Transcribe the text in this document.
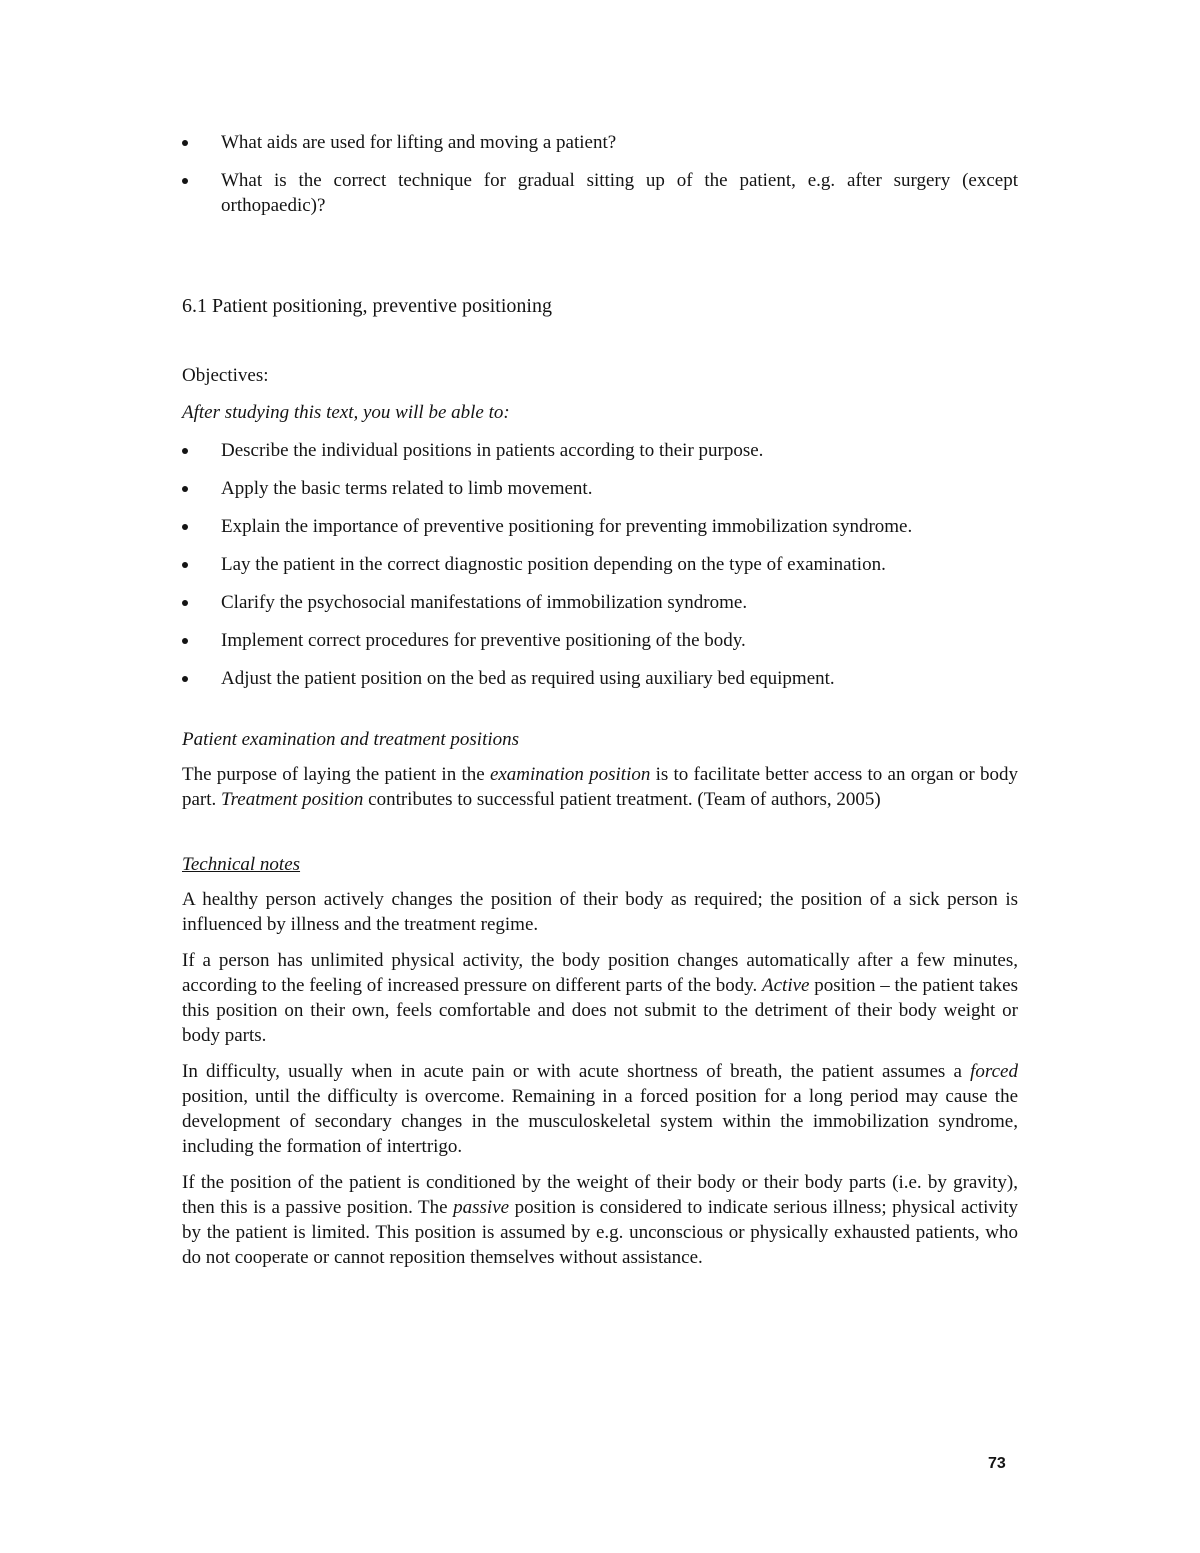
What aids are used for lifting and moving a patient?
What is the correct technique for gradual sitting up of the patient, e.g. after surgery (except orthopaedic)?
6.1 Patient positioning, preventive positioning
Objectives:
After studying this text, you will be able to:
Describe the individual positions in patients according to their purpose.
Apply the basic terms related to limb movement.
Explain the importance of preventive positioning for preventing immobilization syndrome.
Lay the patient in the correct diagnostic position depending on the type of examination.
Clarify the psychosocial manifestations of immobilization syndrome.
Implement correct procedures for preventive positioning of the body.
Adjust the patient position on the bed as required using auxiliary bed equipment.
Patient examination and treatment positions

The purpose of laying the patient in the examination position is to facilitate better access to an organ or body part. Treatment position contributes to successful patient treatment. (Team of authors, 2005)

Technical notes

A healthy person actively changes the position of their body as required; the position of a sick person is influenced by illness and the treatment regime.

If a person has unlimited physical activity, the body position changes automatically after a few minutes, according to the feeling of increased pressure on different parts of the body. Active position – the patient takes this position on their own, feels comfortable and does not submit to the detriment of their body weight or body parts.

In difficulty, usually when in acute pain or with acute shortness of breath, the patient assumes a forced position, until the difficulty is overcome. Remaining in a forced position for a long period may cause the development of secondary changes in the musculoskeletal system within the immobilization syndrome, including the formation of intertrigo.

If the position of the patient is conditioned by the weight of their body or their body parts (i.e. by gravity), then this is a passive position. The passive position is considered to indicate serious illness; physical activity by the patient is limited. This position is assumed by e.g. unconscious or physically exhausted patients, who do not cooperate or cannot reposition themselves without assistance.

73
